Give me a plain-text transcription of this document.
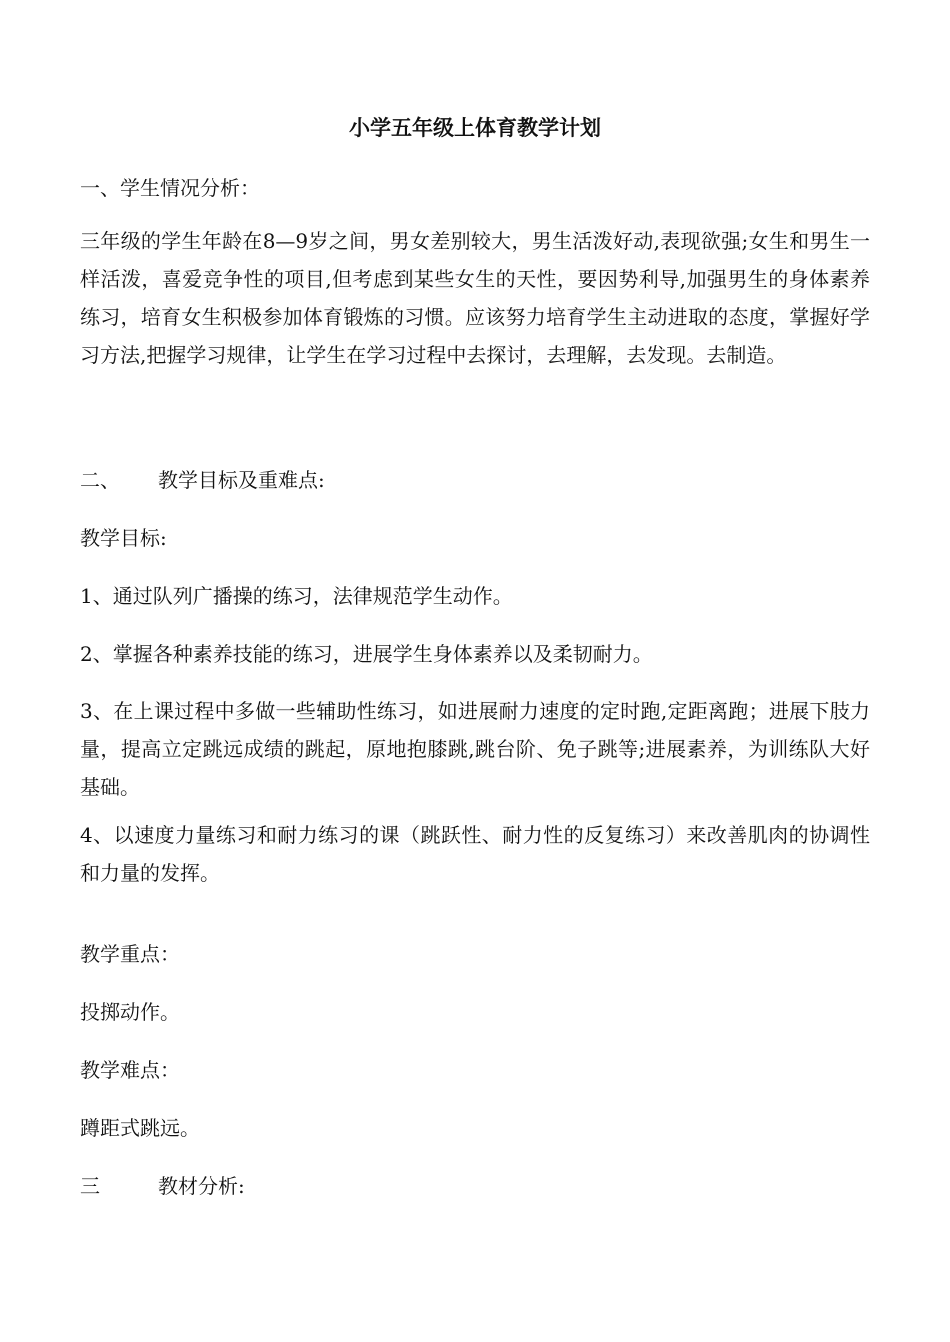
小学五年级上体育教学计划
一、学生情况分析：
三年级的学生年龄在8—9岁之间，男女差别较大，男生活泼好动,表现欲强;女生和男生一样活泼，喜爱竞争性的项目,但考虑到某些女生的天性，要因势利导,加强男生的身体素养练习，培育女生积极参加体育锻炼的习惯。应该努力培育学生主动进取的态度，掌握好学习方法,把握学习规律，让学生在学习过程中去探讨，去理解，去发现。去制造。
二、 教学目标及重难点:
教学目标:
1、通过队列广播操的练习，法律规范学生动作。
2、掌握各种素养技能的练习，进展学生身体素养以及柔韧耐力。
3、在上课过程中多做一些辅助性练习，如进展耐力速度的定时跑,定距离跑；进展下肢力量，提高立定跳远成绩的跳起，原地抱膝跳,跳台阶、免子跳等;进展素养，为训练队大好基础。
4、以速度力量练习和耐力练习的课（跳跃性、耐力性的反复练习）来改善肌肉的协调性和力量的发挥。
教学重点：
投掷动作。
教学难点：
蹲距式跳远。
三	教材分析:
